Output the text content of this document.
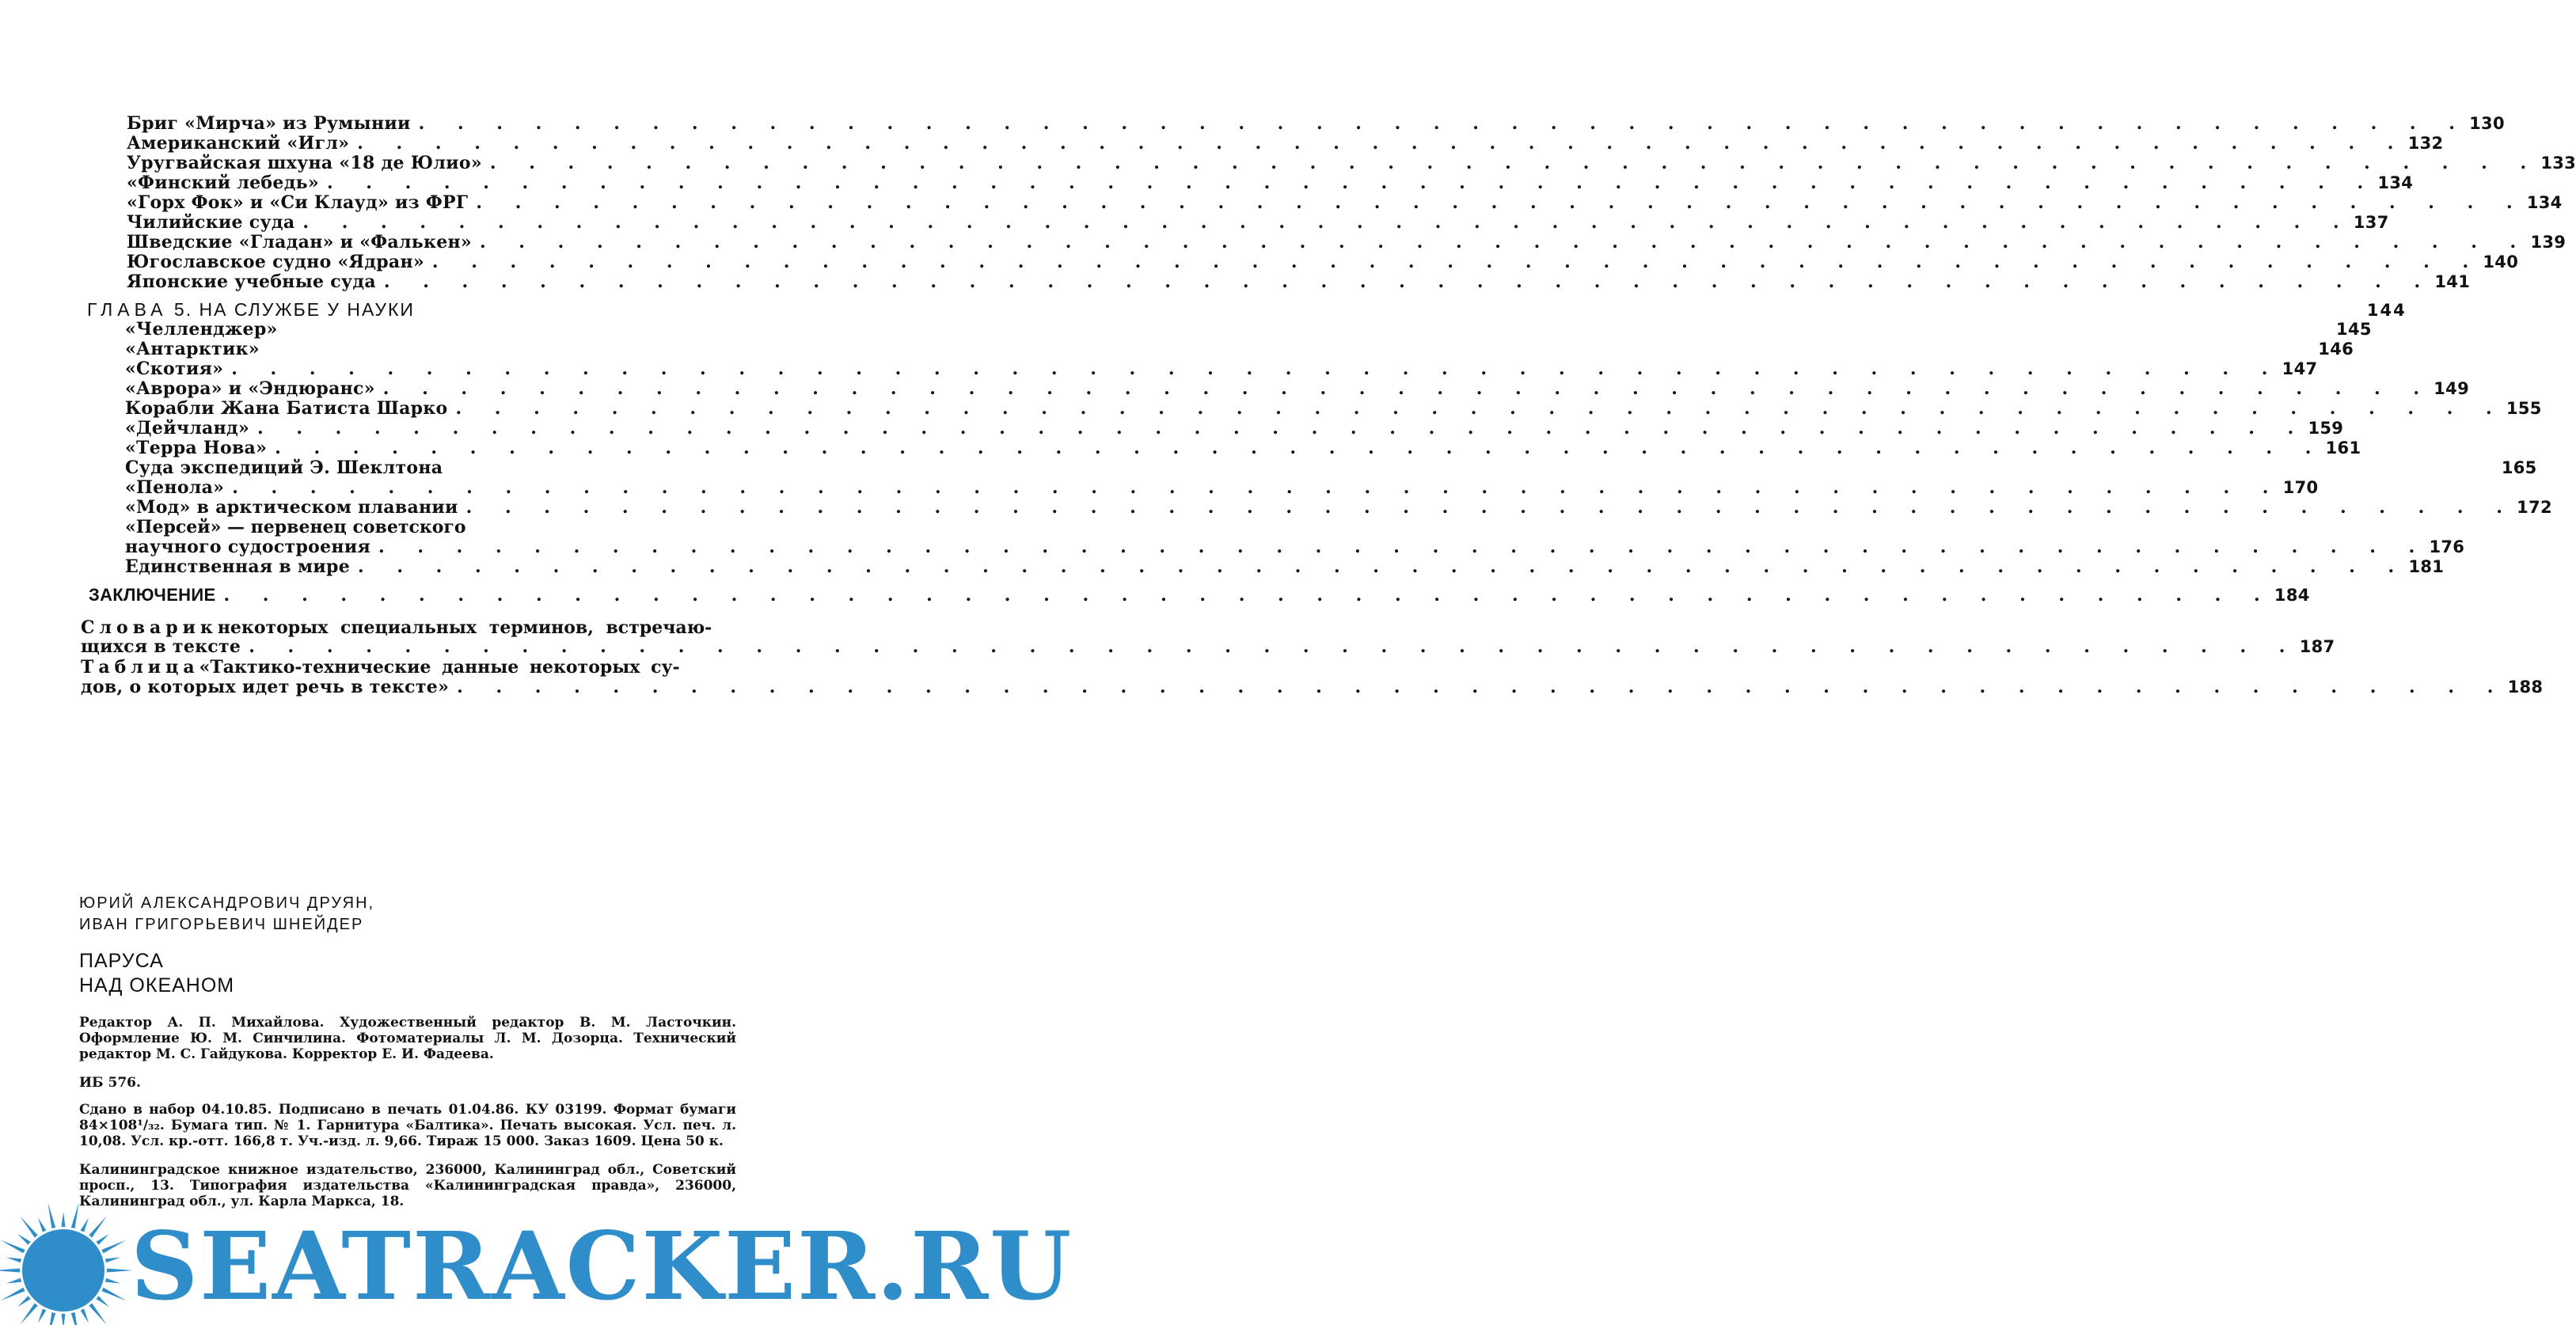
Бриг «Мирча» из Румынии . . .	130
Американский «Игл» . . .	132
Уругвайская шхуна «18 де Юлио» . . .	133
«Финский лебедь» . . .	134
«Горх Фок» и «Си Клауд» из ФРГ . . .	134
Чилийские суда . . .	137
Шведские «Гладан» и «Фалькен» . . .	139
Югославское судно «Ядран» . . .	140
Японские учебные суда . . .	141
ГЛАВА 5. НА СЛУЖБЕ У НАУКИ	144
«Челленджер»	145
«Антарктик»	146
«Скотия» . . .	147
«Аврора» и «Эндюранс» . . .	149
Корабли Жана Батиста Шарко . . .	155
«Дейчланд» . . .	159
«Терра Нова» . . .	161
Суда экспедиций Э. Шеклтона	165
«Пенола» . . .	170
«Мод» в арктическом плавании . . .	172
«Персей» — первенец советского
научного судостроения . . .	176
Единственная в мире . . .	181
ЗАКЛЮЧЕНИЕ . . .	184
Словарик некоторых специальных терминов, встречаю-
щихся в тексте . . .	187
Таблица «Тактико-технические данные некоторых су-
дов, о которых идет речь в тексте» . . .	188
ЮРИЙ АЛЕКСАНДРОВИЧ ДРУЯН,
ИВАН ГРИГОРЬЕВИЧ ШНЕЙДЕР
ПАРУСА
НАД ОКЕАНОМ
Редактор А. П. Михайлова. Художественный редактор В. М. Ласточкин. Оформление Ю. М. Синчилина. Фотоматериалы Л. М. Дозорца. Технический редактор М. С. Гайдукова. Корректор Е. И. Фадеева.
ИБ 576.
Сдано в набор 04.10.85. Подписано в печать 01.04.86. КУ 03199. Формат бумаги 84×108¹/₃₂. Бумага тип. № 1. Гарнитура «Балтика». Печать высокая. Усл. печ. л. 10,08. Усл. кр.-отт. 166,8 т. Уч.-изд. л. 9,66. Тираж 15 000. Заказ 1609. Цена 50 к.
Калининградское книжное издательство, 236000, Калининград обл., Советский просп., 13. Типография издательства «Калининградская правда», 236000, Калининград обл., ул. Карла Маркса, 18.
SEATRACKER.RU
